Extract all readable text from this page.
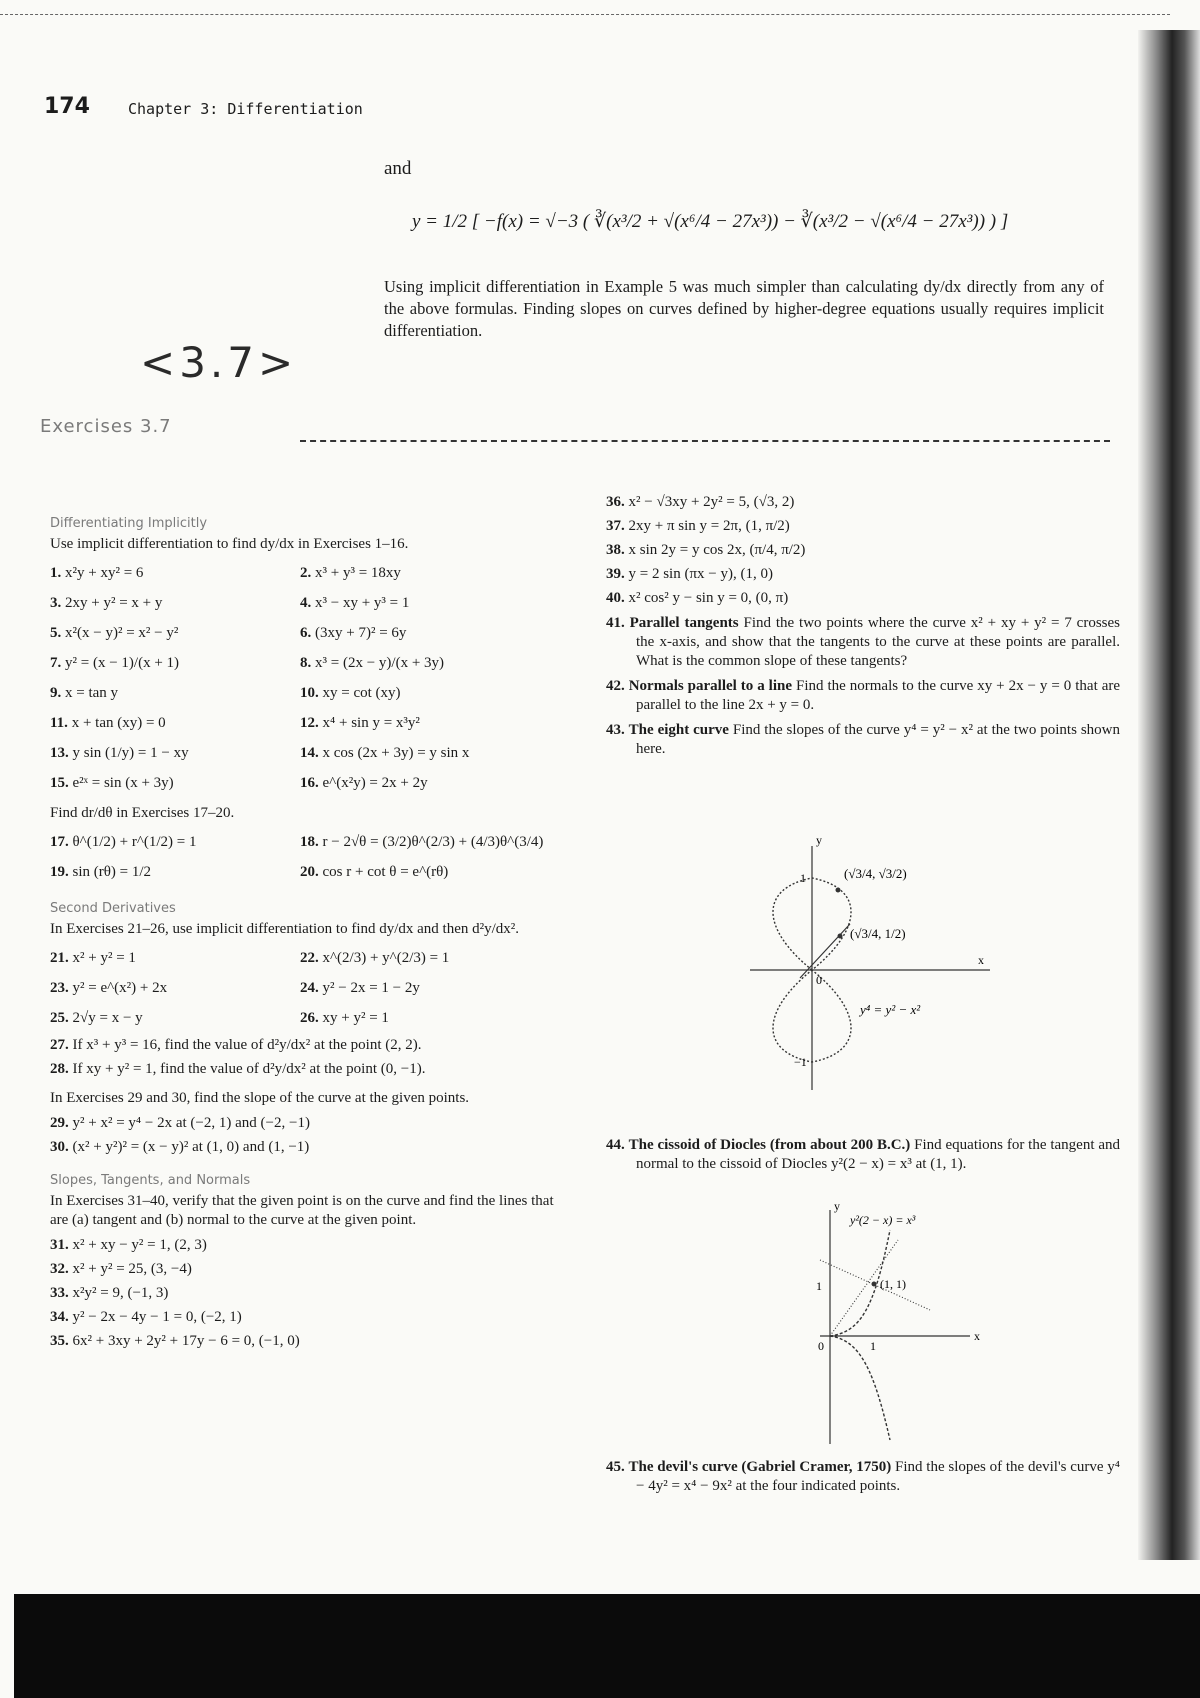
174	Chapter 3: Differentiation
and
y = 1/2 [ −f(x) = √−3 ( ∛(x³/2 + √(x⁶/4 − 27x³)) − ∛(x³/2 − √(x⁶/4 − 27x³)) ) ]
Using implicit differentiation in Example 5 was much simpler than calculating dy/dx directly from any of the above formulas. Finding slopes on curves defined by higher-degree equations usually requires implicit differentiation.
<3.7>
Exercises 3.7
Differentiating Implicitly
Use implicit differentiation to find dy/dx in Exercises 1–16.
1. x²y + xy² = 6	2. x³ + y³ = 18xy
3. 2xy + y² = x + y	4. x³ − xy + y³ = 1
5. x²(x − y)² = x² − y²	6. (3xy + 7)² = 6y
7. y² = (x − 1)/(x + 1)	8. x³ = (2x − y)/(x + 3y)
9. x = tan y	10. xy = cot (xy)
11. x + tan (xy) = 0	12. x⁴ + sin y = x³y²
13. y sin (1/y) = 1 − xy	14. x cos (2x + 3y) = y sin x
15. e²ˣ = sin (x + 3y)	16. e^(x²y) = 2x + 2y
Find dr/dθ in Exercises 17–20.
17. θ^(1/2) + r^(1/2) = 1	18. r − 2√θ = (3/2)θ^(2/3) + (4/3)θ^(3/4)
19. sin (rθ) = 1/2	20. cos r + cot θ = e^(rθ)
Second Derivatives
In Exercises 21–26, use implicit differentiation to find dy/dx and then d²y/dx².
21. x² + y² = 1	22. x^(2/3) + y^(2/3) = 1
23. y² = e^(x²) + 2x	24. y² − 2x = 1 − 2y
25. 2√y = x − y	26. xy + y² = 1
27. If x³ + y³ = 16, find the value of d²y/dx² at the point (2, 2).
28. If xy + y² = 1, find the value of d²y/dx² at the point (0, −1).
In Exercises 29 and 30, find the slope of the curve at the given points.
29. y² + x² = y⁴ − 2x at (−2, 1) and (−2, −1)
30. (x² + y²)² = (x − y)² at (1, 0) and (1, −1)
Slopes, Tangents, and Normals
In Exercises 31–40, verify that the given point is on the curve and find the lines that are (a) tangent and (b) normal to the curve at the given point.
31. x² + xy − y² = 1, (2, 3)
32. x² + y² = 25, (3, −4)
33. x²y² = 9, (−1, 3)
34. y² − 2x − 4y − 1 = 0, (−2, 1)
35. 6x² + 3xy + 2y² + 17y − 6 = 0, (−1, 0)
36. x² − √3xy + 2y² = 5, (√3, 2)
37. 2xy + π sin y = 2π, (1, π/2)
38. x sin 2y = y cos 2x, (π/4, π/2)
39. y = 2 sin (πx − y), (1, 0)
40. x² cos² y − sin y = 0, (0, π)
41. Parallel tangents Find the two points where the curve x² + xy + y² = 7 crosses the x-axis, and show that the tangents to the curve at these points are parallel. What is the common slope of these tangents?
42. Normals parallel to a line Find the normals to the curve xy + 2x − y = 0 that are parallel to the line 2x + y = 0.
43. The eight curve Find the slopes of the curve y⁴ = y² − x² at the two points shown here.
y
x
1
−1
0
(√3/4, √3/2)
(√3/4, 1/2)
y⁴ = y² − x²
44. The cissoid of Diocles (from about 200 B.C.) Find equations for the tangent and normal to the cissoid of Diocles y²(2 − x) = x³ at (1, 1).
y
x
1
1
0
(1, 1)
y²(2 − x) = x³
45. The devil's curve (Gabriel Cramer, 1750) Find the slopes of the devil's curve y⁴ − 4y² = x⁴ − 9x² at the four indicated points.
